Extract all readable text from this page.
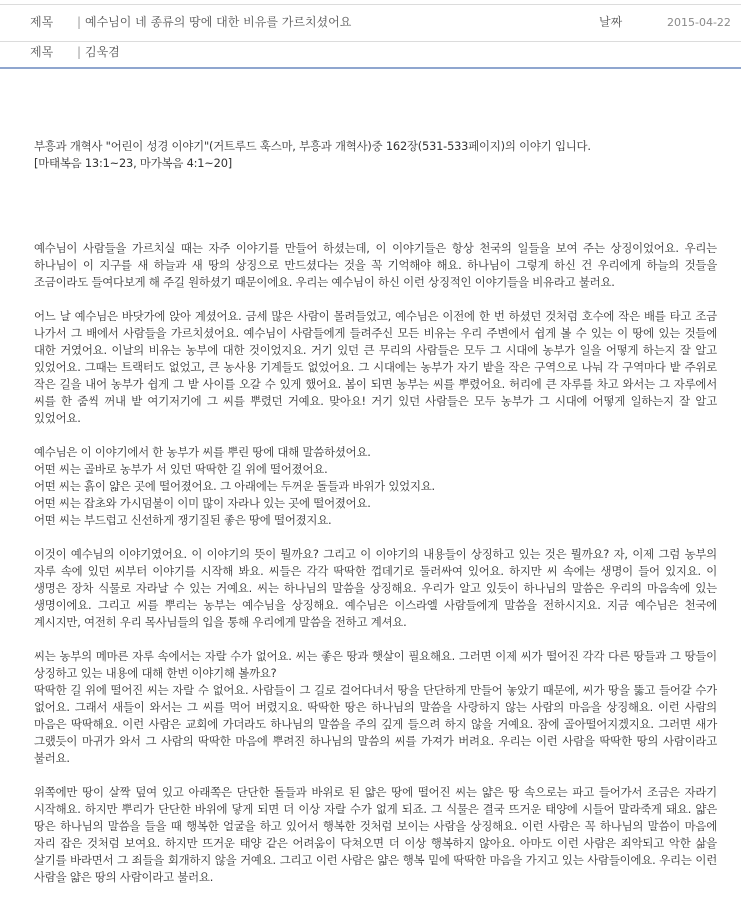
제목 | 예수님이 네 종류의 땅에 대한 비유를 가르치셨어요	날짜	2015-04-22
제목 | 김욱겸

부흥과 개혁사 "어린이 성경 이야기"(거트루드 훅스마, 부흥과 개혁사)중 162장(531-533페이지)의 이야기 입니다.
[마태복음 13:1~23, 마가복음 4:1~20]

예수님이 사람들을 가르치실 때는 자주 이야기를 만들어 하셨는데, 이 이야기들은 항상 천국의 일들을 보여 주는 상징이었어요. 우리는 하나님이 이 지구를 새 하늘과 새 땅의 상징으로 만드셨다는 것을 꼭 기억해야 해요. 하나님이 그렇게 하신 건 우리에게 하늘의 것들을 조금이라도 들여다보게 해 주길 원하셨기 때문이에요. 우리는 예수님이 하신 이런 상징적인 이야기들을 비유라고 불러요.

어느 날 예수님은 바닷가에 앉아 계셨어요. 금세 많은 사람이 몰려들었고, 예수님은 이전에 한 번 하셨던 것처럼 호수에 작은 배를 타고 조금 나가서 그 배에서 사람들을 가르치셨어요. 예수님이 사람들에게 들려주신 모든 비유는 우리 주변에서 쉽게 볼 수 있는 이 땅에 있는 것들에 대한 거였어요. 이날의 비유는 농부에 대한 것이었지요. 거기 있던 큰 무리의 사람들은 모두 그 시대에 농부가 일을 어떻게 하는지 잘 알고 있었어요. 그때는 트랙터도 없었고, 큰 농사용 기계들도 없었어요. 그 시대에는 농부가 자기 밭을 작은 구역으로 나눠 각 구역마다 밭 주위로 작은 길을 내어 농부가 쉽게 그 밭 사이를 오갈 수 있게 했어요. 봄이 되면 농부는 씨를 뿌렸어요. 허리에 큰 자루를 차고 와서는 그 자루에서 씨를 한 줌씩 꺼내 밭 여기저기에 그 씨를 뿌렸던 거예요. 맞아요! 거기 있던 사람들은 모두 농부가 그 시대에 어떻게 일하는지 잘 알고 있었어요.

예수님은 이 이야기에서 한 농부가 씨를 뿌린 땅에 대해 말씀하셨어요.
어떤 씨는 골바로 농부가 서 있던 딱딱한 길 위에 떨어졌어요.
어떤 씨는 흙이 얇은 곳에 떨어졌어요. 그 아래에는 두꺼운 돌들과 바위가 있었지요.
어떤 씨는 잡초와 가시덤불이 이미 많이 자라나 있는 곳에 떨어졌어요.
어떤 씨는 부드럽고 신선하게 쟁기질된 좋은 땅에 떨어졌지요.

이것이 예수님의 이야기였어요. 이 이야기의 뜻이 뭘까요? 그리고 이 이야기의 내용들이 상징하고 있는 것은 뭘까요? 자, 이제 그럼 농부의 자루 속에 있던 씨부터 이야기를 시작해 봐요. 씨들은 각각 딱딱한 껍데기로 둘러싸여 있어요. 하지만 씨 속에는 생명이 들어 있지요. 이 생명은 장차 식물로 자라날 수 있는 거예요. 씨는 하나님의 말씀을 상징해요. 우리가 알고 있듯이 하나님의 말씀은 우리의 마음속에 있는 생명이에요. 그리고 씨를 뿌리는 농부는 예수님을 상징해요. 예수님은 이스라엘 사람들에게 말씀을 전하시지요. 지금 예수님은 천국에 계시지만, 여전히 우리 목사님들의 입을 통해 우리에게 말씀을 전하고 계셔요.

씨는 농부의 메마른 자루 속에서는 자랄 수가 없어요. 씨는 좋은 땅과 햇살이 필요해요. 그러면 이제 씨가 떨어진 각각 다른 땅들과 그 땅들이 상징하고 있는 내용에 대해 한번 이야기해 볼까요?
딱딱한 길 위에 떨어진 씨는 자랄 수 없어요. 사람들이 그 길로 걸어다녀서 땅을 단단하게 만들어 놓았기 때문에, 씨가 땅을 뚫고 들어갈 수가 없어요. 그래서 새들이 와서는 그 씨를 먹어 버렸지요. 딱딱한 땅은 하나님의 말씀을 사랑하지 않는 사람의 마음을 상징해요. 이런 사람의 마음은 딱딱해요. 이런 사람은 교회에 가더라도 하나님의 말씀을 주의 깊게 들으려 하지 않을 거예요. 잠에 골아떨어지겠지요. 그러면 새가 그랬듯이 마귀가 와서 그 사람의 딱딱한 마음에 뿌려진 하나님의 말씀의 씨를 가져가 버려요. 우리는 이런 사람을 딱딱한 땅의 사람이라고 불러요.

위쪽에만 땅이 살짝 덮여 있고 아래쪽은 단단한 돌들과 바위로 된 얇은 땅에 떨어진 씨는 얇은 땅 속으로는 파고 들어가서 조금은 자라기 시작해요. 하지만 뿌리가 단단한 바위에 닿게 되면 더 이상 자랄 수가 없게 되죠. 그 식물은 결국 뜨거운 태양에 시들어 말라죽게 돼요. 얇은 땅은 하나님의 말씀을 들을 때 행복한 얼굴을 하고 있어서 행복한 것처럼 보이는 사람을 상징해요. 이런 사람은 꼭 하나님의 말씀이 마음에 자리 잡은 것처럼 보여요. 하지만 뜨거운 태양 같은 어려움이 닥쳐오면 더 이상 행복하지 않아요. 아마도 이런 사람은 죄악되고 악한 삶을 살기를 바라면서 그 죄들을 회개하지 않을 거예요. 그리고 이런 사람은 얇은 행복 밑에 딱딱한 마음을 가지고 있는 사람들이에요. 우리는 이런 사람을 얇은 땅의 사람이라고 불러요.
